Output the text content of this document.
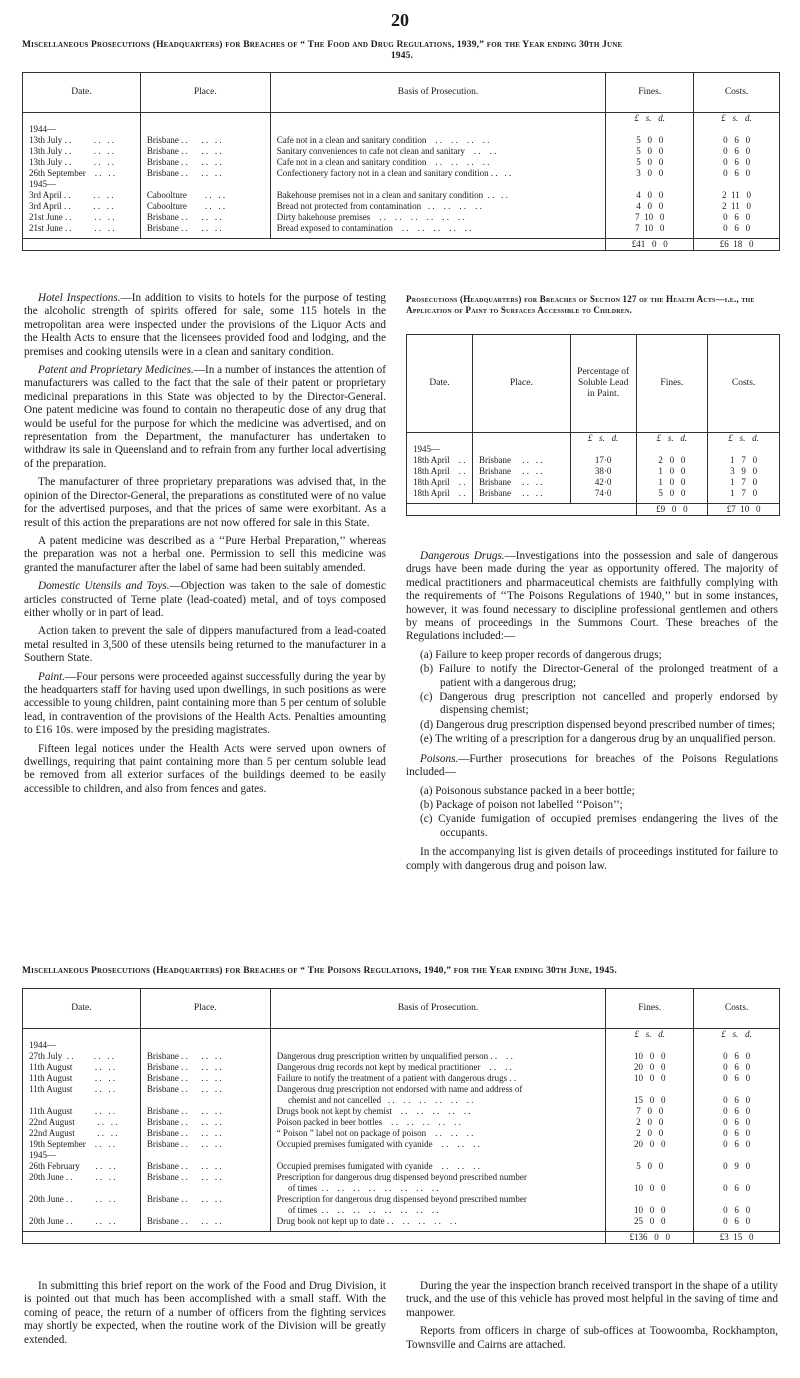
20
Miscellaneous Prosecutions (Headquarters) for Breaches of “ The Food and Drug Regulations, 1939,” for the Year ending 30th June
1945.
Date.	Place.	Basis of Prosecution.	Fines.	Costs.
			£   s.   d.	£   s.   d.
1944—				
13th July . .          . .   . .	Brisbane . .      . .   . .	Cafe not in a clean and sanitary condition    . .    . .    . .    . .	5   0   0	0   6   0
13th July . .          . .   . .	Brisbane . .      . .   . .	Sanitary conveniences to cafe not clean and sanitary    . .    . .	5   0   0	0   6   0
13th July . .          . .   . .	Brisbane . .      . .   . .	Cafe not in a clean and sanitary condition    . .    . .    . .    . .	5   0   0	0   6   0
26th September    . .   . .	Brisbane . .      . .   . .	Confectionery factory not in a clean and sanitary condition . .   . .	3   0   0	0   6   0

1945—				
3rd April . .          . .   . .	Caboolture        . .   . .	Bakehouse premises not in a clean and sanitary condition  . .   . .	4   0   0	2  11   0
3rd April . .          . .   . .	Caboolture        . .   . .	Bread not protected from contamination   . .    . .    . .    . .	4   0   0	2  11   0
21st June . .          . .   . .	Brisbane . .      . .   . .	Dirty bakehouse premises    . .    . .    . .    . .    . .    . .	7  10   0	0   6   0
21st June . .          . .   . .	Brisbane . .      . .   . .	Bread exposed to contamination    . .    . .    . .    . .    . .	7  10   0	0   6   0
			£41   0   0	£6  18   0

Hotel Inspections.—In addition to visits to hotels for the purpose of testing the alcoholic strength of spirits offered for sale, some 115 hotels in the metropolitan area were inspected under the provisions of the Liquor Acts and the Health Acts to ensure that the licensees provided food and lodging, and the premises and cooking utensils were in a clean and sanitary condition.

Patent and Proprietary Medicines.—In a number of instances the attention of manufacturers was called to the fact that the sale of their patent or proprietary medicinal preparations in this State was objected to by the Director-General. One patent medicine was found to contain no therapeutic dose of any drug that would be useful for the purpose for which the medicine was advertised, and on representation from the Department, the manufacturer has undertaken to withdraw its sale in Queensland and to refrain from any further local advertising of the preparation.

The manufacturer of three proprietary preparations was advised that, in the opinion of the Director-General, the preparations as constituted were of no value for the advertised purposes, and that the prices of same were exorbitant. As a result of this action the preparations are not now offered for sale in this State.

A patent medicine was described as a ‘‘Pure Herbal Preparation,’’ whereas the preparation was not a herbal one. Permission to sell this medicine was granted the manufacturer after the label of same had been suitably amended.

Domestic Utensils and Toys.—Objection was taken to the sale of domestic articles constructed of Terne plate (lead-coated) metal, and of toys composed either wholly or in part of lead.

Action taken to prevent the sale of dippers manufactured from a lead-coated metal resulted in 3,500 of these utensils being returned to the manufacturer in a Southern State.

Paint.—Four persons were proceeded against successfully during the year by the headquarters staff for having used upon dwellings, in such positions as were accessible to young children, paint containing more than 5 per centum of soluble lead, in contravention of the provisions of the Health Acts. Penalties amounting to £16 10s. were imposed by the presiding magistrates.

Fifteen legal notices under the Health Acts were served upon owners of dwellings, requiring that paint containing more than 5 per centum soluble lead be removed from all exterior surfaces of the buildings deemed to be easily accessible to children, and also from fences and gates.

Prosecutions (Headquarters) for Breaches of Section 127 of the Health Acts—i.e., the Application of Paint to Surfaces Accessible to Children.
Date.	Place.	Percentage of Soluble Lead in Paint.	Fines.	Costs.
		£   s.   d.	£   s.   d.	£   s.   d.
1945—				
18th April    . .	Brisbane     . .   . .	17·0	2   0   0	1   7   0
18th April    . .	Brisbane     . .   . .	38·0	1   0   0	3   9   0
18th April    . .	Brisbane     . .   . .	42·0	1   0   0	1   7   0
18th April    . .	Brisbane     . .   . .	74·0	5   0   0	1   7   0
			£9   0   0	£7  10   0

Dangerous Drugs.—Investigations into the possession and sale of dangerous drugs have been made during the year as opportunity offered. The majority of medical practitioners and pharmaceutical chemists are faithfully complying with the requirements of ‘‘The Poisons Regulations of 1940,’’ but in some instances, however, it was found necessary to discipline professional gentlemen and others by means of proceedings in the Summons Court. These breaches of the Regulations included:—

(a) Failure to keep proper records of dangerous drugs;
(b) Failure to notify the Director-General of the prolonged treatment of a patient with a dangerous drug;
(c) Dangerous drug prescription not cancelled and properly endorsed by dispensing chemist;
(d) Dangerous drug prescription dispensed beyond prescribed number of times;
(e) The writing of a prescription for a dangerous drug by an unqualified person.

Poisons.—Further prosecutions for breaches of the Poisons Regulations included—

(a) Poisonous substance packed in a beer bottle;
(b) Package of poison not labelled ‘‘Poison’’;
(c) Cyanide fumigation of occupied premises endangering the lives of the occupants.

In the accompanying list is given details of proceedings instituted for failure to comply with dangerous drug and poison law.

Miscellaneous Prosecutions (Headquarters) for Breaches of “ The Poisons Regulations, 1940,” for the Year ending 30th June, 1945.
Date.	Place.	Basis of Prosecution.	Fines.	Costs.
			£   s.   d.	£   s.   d.
1944—				
27th July  . .         . .   . .	Brisbane . .      . .   . .	Dangerous drug prescription written by unqualified person . .    . .	10   0   0	0   6   0
11th August          . .   . .	Brisbane . .      . .   . .	Dangerous drug records not kept by medical practitioner    . .    . .	20   0   0	0   6   0
11th August          . .   . .	Brisbane . .      . .   . .	Failure to notify the treatment of a patient with dangerous drugs . .	10   0   0	0   6   0
11th August          . .   . .	Brisbane . .      . .   . .	Dangerous drug prescription not endorsed with name and address of		
		chemist and not cancelled   . .    . .    . .    . .    . .    . .	15   0   0	0   6   0
11th August          . .   . .	Brisbane . .      . .   . .	Drugs book not kept by chemist    . .    . .    . .    . .    . .	7   0   0	0   6   0
22nd August          . .   . .	Brisbane . .      . .   . .	Poison packed in beer bottles    . .    . .    . .    . .    . .	2   0   0	0   6   0
22nd August          . .   . .	Brisbane . .      . .   . .	“ Poison ” label not on package of poison    . .    . .    . .	2   0   0	0   6   0
19th September    . .   . .	Brisbane . .      . .   . .	Occupied premises fumigated with cyanide    . .    . .    . .	20   0   0	0   6   0
1945—				
26th February       . .   . .	Brisbane . .      . .   . .	Occupied premises fumigated with cyanide    . .    . .    . .	5   0   0	0   9   0
20th June . .          . .   . .	Brisbane . .      . .   . .	Prescription for dangerous drug dispensed beyond prescribed number		
		of times  . .    . .    . .    . .    . .    . .    . .    . .	10   0   0	0   6   0
20th June . .          . .   . .	Brisbane . .      . .   . .	Prescription for dangerous drug dispensed beyond prescribed number		
		of times  . .    . .    . .    . .    . .    . .    . .    . .	10   0   0	0   6   0
20th June . .          . .   . .	Brisbane . .      . .   . .	Drug book not kept up to date . .    . .    . .    . .    . .	25   0   0	0   6   0
			£136   0   0	£3  15   0

In submitting this brief report on the work of the Food and Drug Division, it is pointed out that much has been accomplished with a small staff. With the coming of peace, the return of a number of officers from the fighting services may shortly be expected, when the routine work of the Division will be greatly extended.

During the year the inspection branch received transport in the shape of a utility truck, and the use of this vehicle has proved most helpful in the saving of time and manpower.

Reports from officers in charge of sub-offices at Toowoomba, Rockhampton, Townsville and Cairns are attached.
